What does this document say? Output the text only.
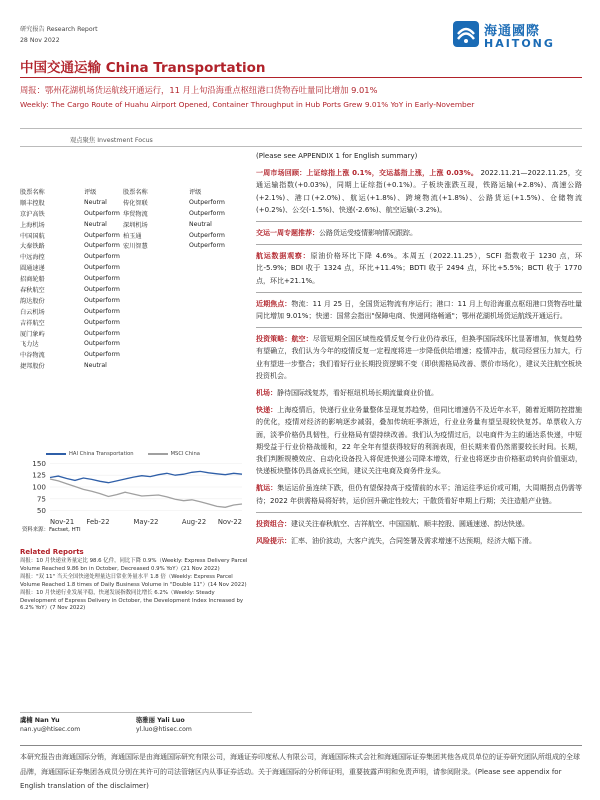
研究报告 Research Report
28 Nov 2022
海通國際
HAITONG
中国交通运输 China Transportation
周报：鄂州花湖机场货运航线开通运行，11 月上旬沿海重点枢纽港口货物吞吐量同比增加 9.01%
Weekly: The Cargo Route of Huahu Airport Opened, Container Throughput in Hub Ports Grew 9.01% YoY in Early-November
观点聚焦 Investment Focus
股票名称	评级	股票名称	评级
顺丰控股	Neutral	传化智联	Outperform
京沪高铁	Outperform 华贸物流	Outperform
上海机场	Neutral	深圳机场	Neutral
中国国航	Outperform 柏玉通	Outperform
大秦铁路	Outperform 宏川智慧	Outperform
中远海控	Outperform
圆通速递	Outperform
招商轮船	Outperform
春秋航空	Outperform
韵达股份	Outperform
白云机场	Outperform
吉祥航空	Outperform
厦门象屿	Outperform
飞力达	Outperform
中谷物流	Outperform
捷邦股份	Neutral
HAI China Transportation	MSCI China
150
125
100
75
50
Nov-21 Feb-22	May-22	Aug-22 Nov-22
资料来源：Factset, HTI
Related Reports
周报：10 月快递业务量定比 98.6 亿件，同比下降 0.9%（Weekly: Express Delivery Parcel Volume Reached 9.86 bn in October, Decreased 0.9% YoY）(21 Nov 2022)
周报："双 11" 当天全国快递处理量达日常业务量水平 1.8 倍（Weekly: Express Parcel Volume Reached 1.8 times of Daily Business Volume in "Double 11"）(14 Nov 2022)
周报：10 月快递行业发展平稳，快递发展指数同比增长 6.2%（Weekly: Steady Development of Express Delivery in October, the Development Index Increased by 6.2% YoY）(7 Nov 2022)
虞楠 Nan Yu
nan.yu@htisec.com
骆雅丽 Yali Luo
yl.luo@htisec.com

(Please see APPENDIX 1 for English summary)

一周市场回顾：上证综指上涨 0.1%，交运基指上涨，上涨 0.03%。 2022.11.21—2022.11.25，交通运输指数(+0.03%)，同期上证综指(+0.1%)。子板块涨跌互现，铁路运输(+2.8%)、高速公路(+2.1%)、港口(+2.0%)、航运(+1.8%)、跨境物流(+1.8%)、公路货运(+1.5%)、仓储物流(+0.2%)、公交(-1.5%)、快递(-2.6%)、航空运输(-3.2%)。

交运一周专题推荐：公路货运受疫情影响情况跟踪。

航运数据观察：原油价格环比下降 4.6%。本周五（2022.11.25），SCFI 指数收于 1230 点，环比-5.9%；BDI 收于 1324 点，环比+11.4%；BDTI 收于 2494 点，环比+5.5%；BCTI 收于 1770 点，环比+21.1%。

近期焦点：物流：11 月 25 日，全国货运物流有序运行；港口：11 月上旬沿海重点枢纽港口货物吞吐量同比增加 9.01%；快递：国常会指出"保障电商、快递网络畅通"；鄂州花湖机场货运航线开通运行。

投资策略：航空：尽管短期全国区域性疫情反复令行业仍待承压，但换季国际线环比显著增加，恢复趋势有望确立，我们认为今年的疫情反复一定程度将进一步降低供给增速；疫情冲击，航司经营压力加大，行业有望进一步整合；我们看好行业长期投资逻辑不变（即供需格局改善、票价市场化），建议关注航空板块投资机会。

机场：静待国际线复苏，看好枢纽机场长期流量商业价值。

快递：上海疫情后，快递行业业务量整体呈现复苏趋势，但同比增速仍不及近年水平，随着近期防控措施的优化，疫情对经济的影响逐步减弱，叠加传统旺季渐近，行业业务量有望呈现较快复苏。单票收入方面，淡季价格仍具韧性，行业格局有望持续改善。我们认为疫情过后，以电商件为主的通达系快递，中短期受益于行业价格战缓和，22 年全年有望获得较好的利润表现，但长期来看仍然需要较长时间。长期，我们判断规模效应、自动化设备投入将促进快递公司降本增效，行业也将逐步由价格驱动转向价值驱动，快递板块整体仍具备成长空间，建议关注电商及商务件龙头。

航运：集运运价虽连续下跌，但仍有望保持高于疫情前的水平；油运往季运价或可期，大周期拐点仍需等待；2022 年供需格局将好转，运价回升确定性较大；干散货看好申期上行期；关注造船产业链。

投资组合：建议关注春秋航空、吉祥航空、中国国航、顺丰控股、圆通速递、韵达快递。

风险提示：汇率、油价波动，大客户流失，合同签署及需求增速不达预期，经济大幅下滑。

本研究报告由海通国际分销，海通国际是由海通国际研究有限公司，海通证券印度私人有限公司，海通国际株式会社和海通国际证券集团其他各成员单位的证券研究团队所组成的全球品牌，海通国际证券集团各成员分别在其许可的司法管辖区内从事证券活动。关于海通国际的分析师证明，重要披露声明和免责声明，请参阅附录。(Please see appendix for English translation of the disclaimer)
